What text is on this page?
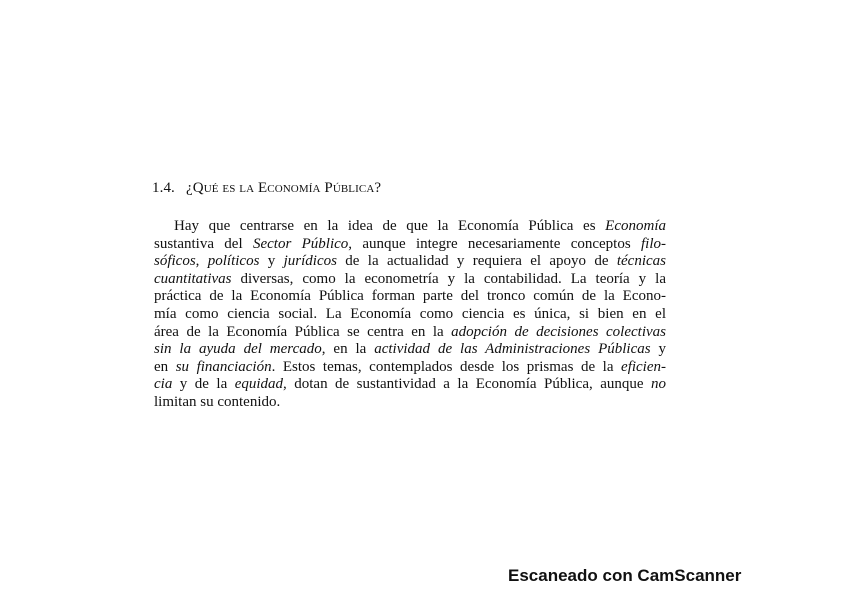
1.4. ¿Qué es la Economía Pública?
Hay que centrarse en la idea de que la Economía Pública es Economía
sustantiva del Sector Público, aunque integre necesariamente conceptos filo-
sóficos, políticos y jurídicos de la actualidad y requiera el apoyo de técnicas
cuantitativas diversas, como la econometría y la contabilidad. La teoría y la
práctica de la Economía Pública forman parte del tronco común de la Econo-
mía como ciencia social. La Economía como ciencia es única, si bien en el
área de la Economía Pública se centra en la adopción de decisiones colectivas
sin la ayuda del mercado, en la actividad de las Administraciones Públicas y
en su financiación. Estos temas, contemplados desde los prismas de la eficien-
cia y de la equidad, dotan de sustantividad a la Economía Pública, aunque no
limitan su contenido.
Escaneado con CamScanner
